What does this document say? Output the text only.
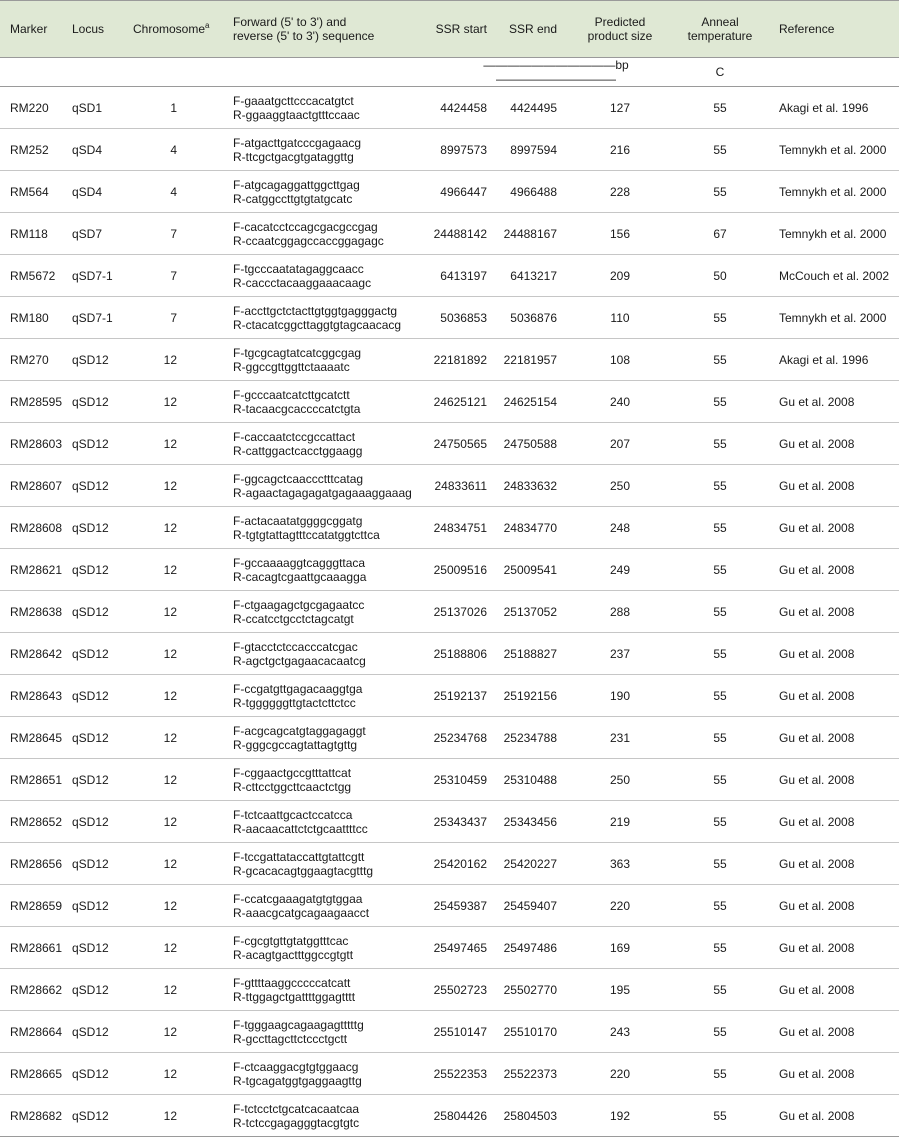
Marker	Locus	Chromosome$^a$	Forward (5' to 3') and
reverse (5' to 3') sequence	SSR start	SSR end	Predicted
product size	Anneal
temperature	Reference
				———————————bp——————————			C	
RM220	qSD1	1	F-gaaatgcttcccacatgtct
R-ggaaggtaactgtttccaac	4424458	4424495	127	55	Akagi et al. 1996
RM252	qSD4	4	F-atgacttgatcccgagaacg
R-ttcgctgacgtgataggttg	8997573	8997594	216	55	Temnykh et al. 2000
RM564	qSD4	4	F-atgcagaggattggcttgag
R-catggccttgtgtatgcatc	4966447	4966488	228	55	Temnykh et al. 2000
RM118	qSD7	7	F-cacatcctccagcgacgccgag
R-ccaatcggagccaccggagagc	24488142	24488167	156	67	Temnykh et al. 2000
RM5672	qSD7-1	7	F-tgcccaatatagaggcaacc
R-caccctacaaggaaacaagc	6413197	6413217	209	50	McCouch et al. 2002
RM180	qSD7-1	7	F-accttgctctacttgtggtgagggactg
R-ctacatcggcttaggtgtagcaacacg	5036853	5036876	110	55	Temnykh et al. 2000
RM270	qSD12	12	F-tgcgcagtatcatcggcgag
R-ggccgttggttctaaaatc	22181892	22181957	108	55	Akagi et al. 1996
RM28595	qSD12	12	F-gcccaatcatcttgcatctt
R-tacaacgcaccccatctgta	24625121	24625154	240	55	Gu et al. 2008
RM28603	qSD12	12	F-caccaatctccgccattact
R-cattggactcacctggaagg	24750565	24750588	207	55	Gu et al. 2008
RM28607	qSD12	12	F-ggcagctcaaccctttcatag
R-agaactagagagatgagaaaggaaag	24833611	24833632	250	55	Gu et al. 2008
RM28608	qSD12	12	F-actacaatatggggcggatg
R-tgtgtattagtttccatatggtcttca	24834751	24834770	248	55	Gu et al. 2008
RM28621	qSD12	12	F-gccaaaaggtcagggttaca
R-cacagtcgaattgcaaagga	25009516	25009541	249	55	Gu et al. 2008
RM28638	qSD12	12	F-ctgaagagctgcgagaatcc
R-ccatcctgcctctagcatgt	25137026	25137052	288	55	Gu et al. 2008
RM28642	qSD12	12	F-gtacctctccacccatcgac
R-agctgctgagaacacaatcg	25188806	25188827	237	55	Gu et al. 2008
RM28643	qSD12	12	F-ccgatgttgagacaaggtga
R-tggggggttgtactcttctcc	25192137	25192156	190	55	Gu et al. 2008
RM28645	qSD12	12	F-acgcagcatgtaggagaggt
R-gggcgccagtattagtgttg	25234768	25234788	231	55	Gu et al. 2008
RM28651	qSD12	12	F-cggaactgccgtttattcat
R-cttcctggcttcaactctgg	25310459	25310488	250	55	Gu et al. 2008
RM28652	qSD12	12	F-tctcaattgcactccatcca
R-aacaacattctctgcaattttcc	25343437	25343456	219	55	Gu et al. 2008
RM28656	qSD12	12	F-tccgattataccattgtattcgtt
R-gcacacagtggaagtacgtttg	25420162	25420227	363	55	Gu et al. 2008
RM28659	qSD12	12	F-ccatcgaaagatgtgtggaa
R-aaacgcatgcagaagaacct	25459387	25459407	220	55	Gu et al. 2008
RM28661	qSD12	12	F-cgcgtgttgtatggtttcac
R-acagtgactttggccgtgtt	25497465	25497486	169	55	Gu et al. 2008
RM28662	qSD12	12	F-gttttaaggcccccatcatt
R-ttggagctgattttggagtttt	25502723	25502770	195	55	Gu et al. 2008
RM28664	qSD12	12	F-tgggaagcagaagagtttttg
R-gccttagcttctccctgctt	25510147	25510170	243	55	Gu et al. 2008
RM28665	qSD12	12	F-ctcaaggacgtgtggaacg
R-tgcagatggtgaggaagttg	25522353	25522373	220	55	Gu et al. 2008
RM28682	qSD12	12	F-tctcctctgcatcacaatcaa
R-tctccgagagggtacgtgtc	25804426	25804503	192	55	Gu et al. 2008
